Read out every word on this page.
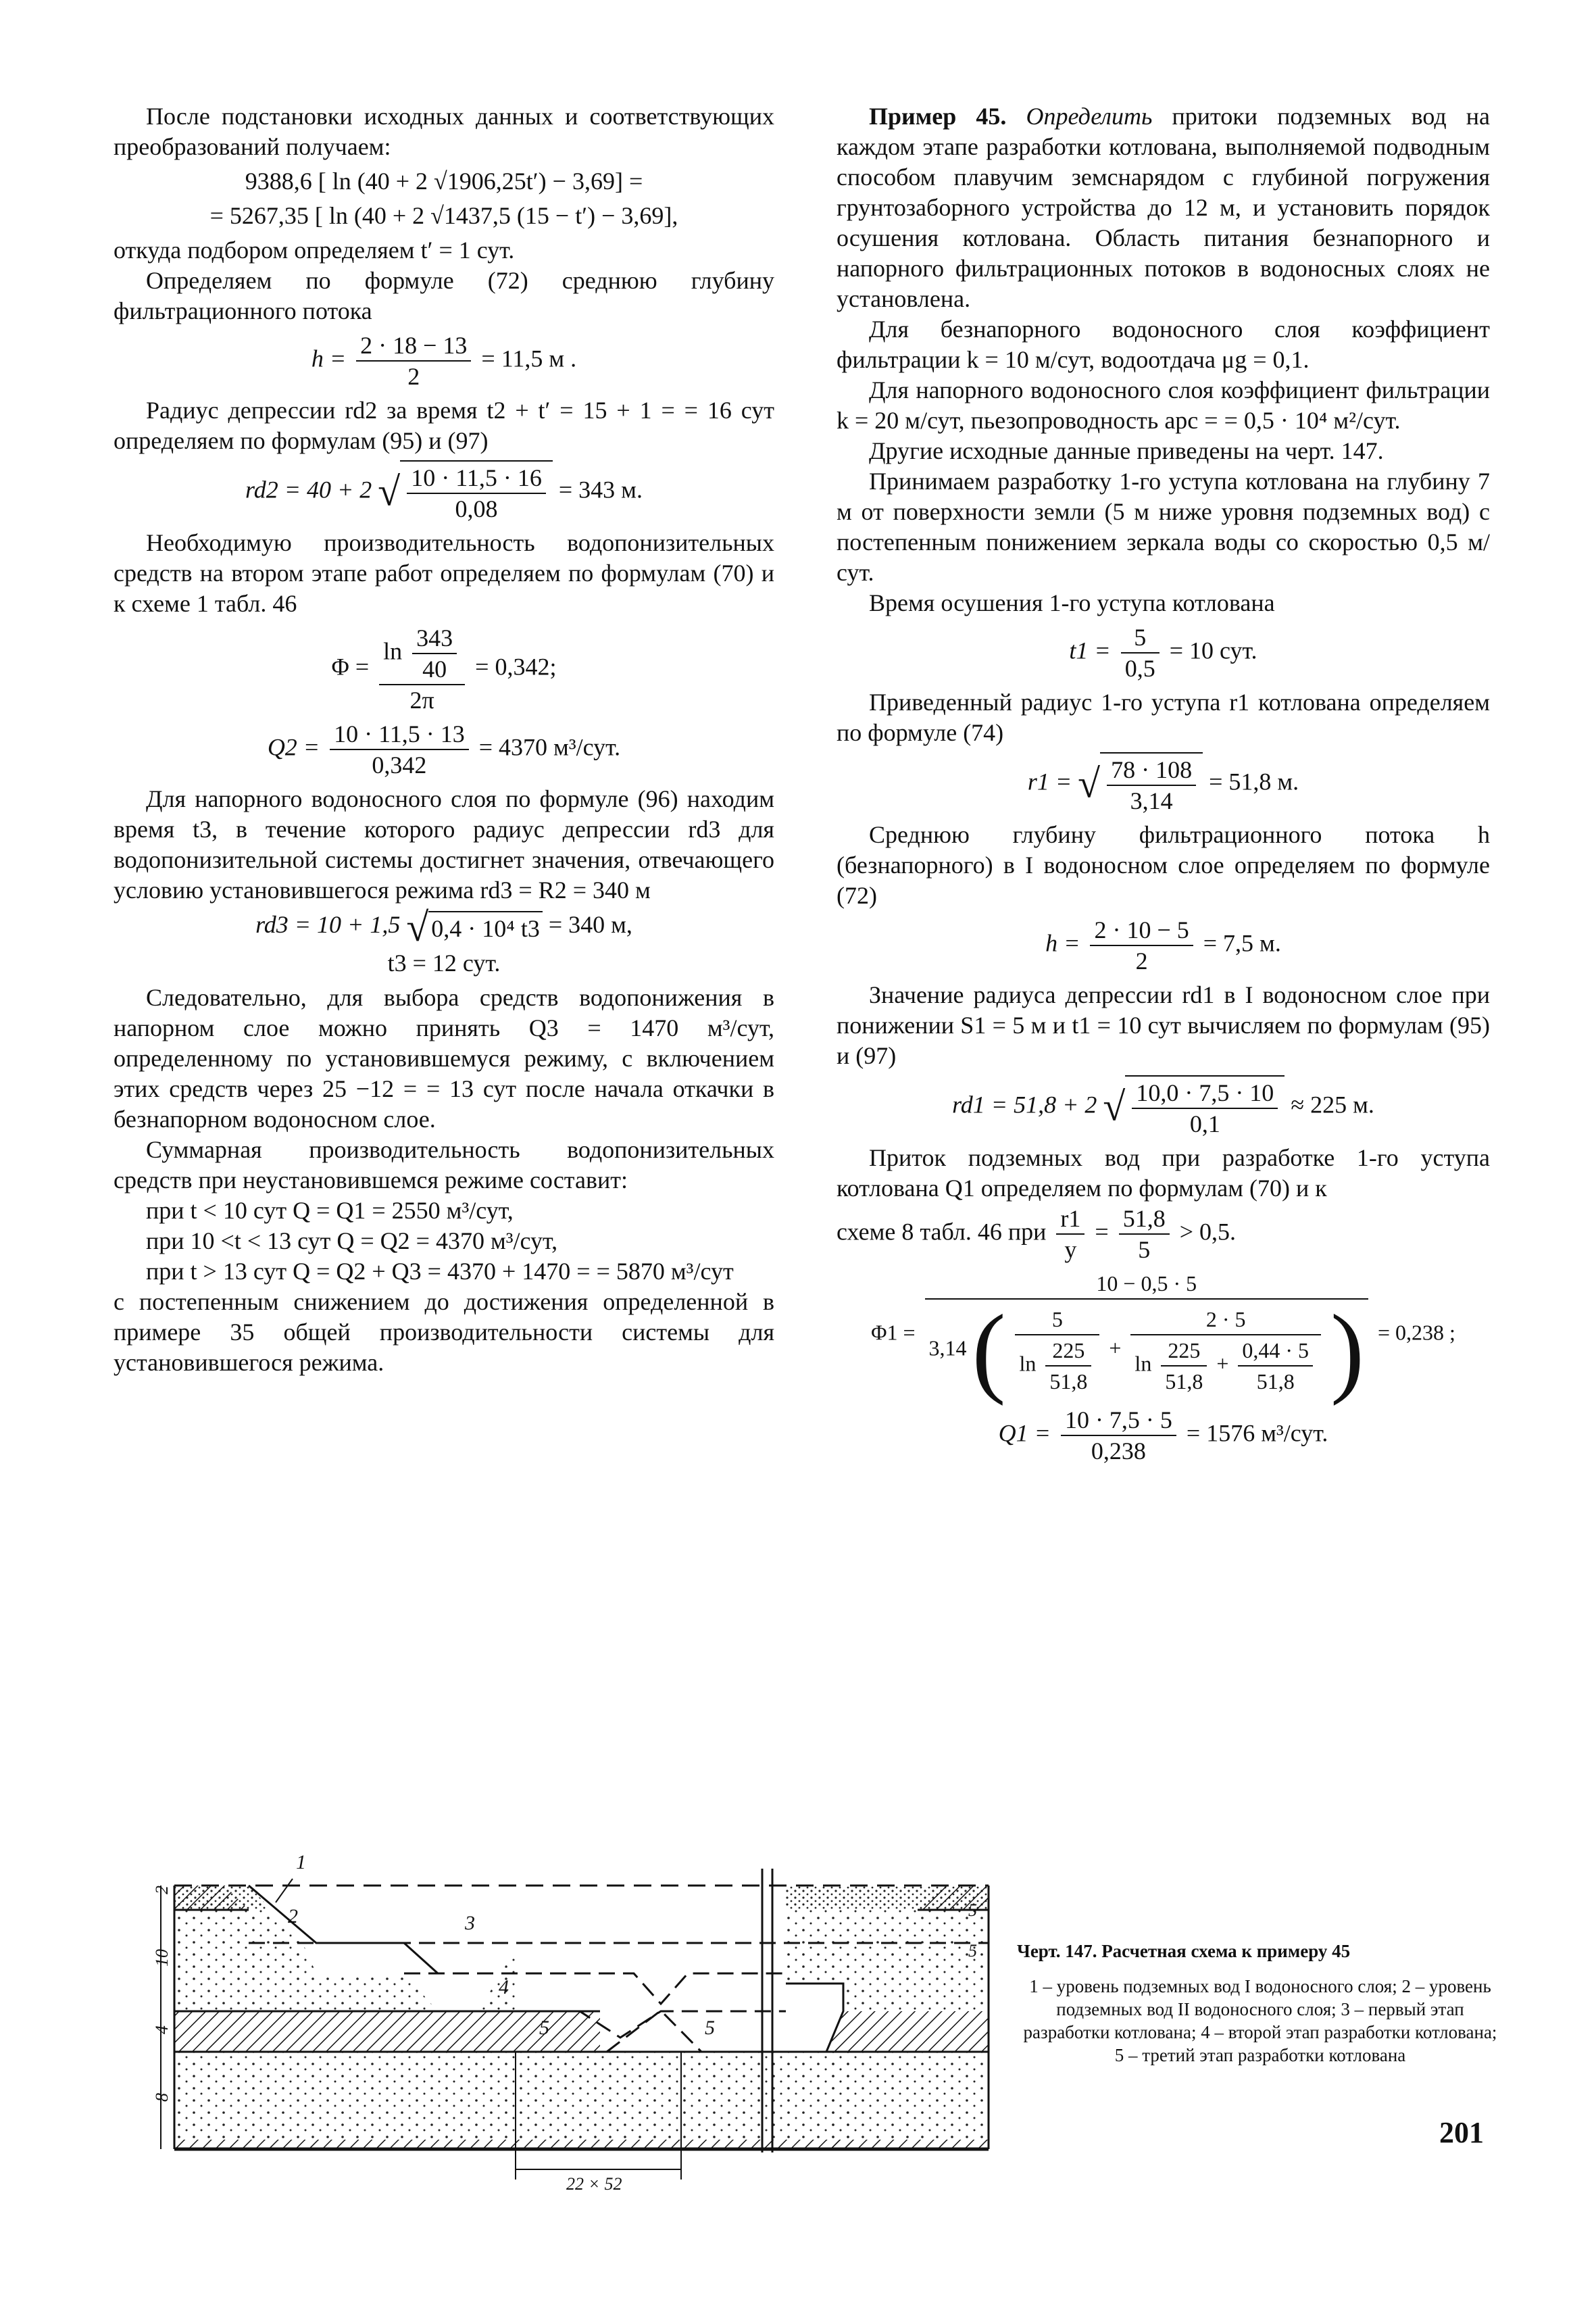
После подстановки исходных данных и соответствующих преобразований получаем:

9388,6 [ ln (40 + 2 √1906,25t′) − 3,69] =
= 5267,35 [ ln (40 + 2 √1437,5 (15 − t′) − 3,69],

откуда подбором определяем t′ = 1 сут.

Определяем по формуле (72) среднюю глубину фильтрационного потока

$h = \frac{2 \cdot 18 - 13}{2} = 11,5$ м .

Радиус депрессии rd2 за время t2 + t′ = 15 + 1 = = 16 сут определяем по формулам (95) и (97)

rd2 = 40 + 2 √ $\frac{10 \cdot 11,5 \cdot 16}{0,08} = 343$ м.

Необходимую производительность водопонизительных средств на втором этапе работ определяем по формулам (70) и к схеме 1 табл. 46

$\Phi = \frac{\ln \frac{343}{40}}{2\pi} = 0,342$;
$Q2 = \frac{10 \cdot 11,5 \cdot 13}{0,342} = 4370$ м³/сут.

Для напорного водоносного слоя по формуле (96) находим время t3, в течение которого радиус депрессии rd3 для водопонизительной системы достигнет значения, отвечающего условию установившегося режима rd3 = R2 = 340 м

rd3 = 10 + 1,5 √ 0,4 · 10⁴ t3 = 340 м,
t3 = 12 сут.

Следовательно, для выбора средств водопонижения в напорном слое можно принять Q3 = 1470 м³/сут, определенному по установившемуся режиму, с включением этих средств через 25 −12 = = 13 сут после начала откачки в безнапорном водоносном слое.

Суммарная производительность водопонизительных средств при неустановившемся режиме составит:

при t < 10 сут Q = Q1 = 2550 м³/сут,

при 10 <t < 13 сут Q = Q2 = 4370 м³/сут,

при t > 13 сут Q = Q2 + Q3 = 4370 + 1470 = = 5870 м³/сут

с постепенным снижением до достижения определенной в примере 35 общей производительности системы для установившегося режима.

Пример 45. Определить притоки подземных вод на каждом этапе разработки котлована, выполняемой подводным способом плавучим земснарядом с глубиной погружения грунтозаборного устройства до 12 м, и установить порядок осушения котлована. Область питания безнапорного и напорного фильтрационных потоков в водоносных слоях не установлена.

Для безнапорного водоносного слоя коэффициент фильтрации k = 10 м/сут, водоотдача μg = 0,1.

Для напорного водоносного слоя коэффициент фильтрации k = 20 м/сут, пьезопроводность apc = = 0,5 · 10⁴ м²/сут.

Другие исходные данные приведены на черт. 147.

Принимаем разработку 1-го уступа котлована на глубину 7 м от поверхности земли (5 м ниже уровня подземных вод) с постепенным понижением зеркала воды со скоростью 0,5 м/сут.

Время осушения 1-го уступа котлована

$t1 = \frac{5}{0,5} = 10$ сут.

Приведенный радиус 1-го уступа r1 котлована определяем по формуле (74)

r1 = √ $\frac{78 \cdot 108}{3,14} = 51,8$ м.

Среднюю глубину фильтрационного потока h (безнапорного) в I водоносном слое определяем по формуле (72)

$h = \frac{2 \cdot 10 - 5}{2} = 7,5$ м.

Значение радиуса депрессии rd1 в I водоносном слое при понижении S1 = 5 м и t1 = 10 сут вычисляем по формулам (95) и (97)

rd1 = 51,8 + 2 √ $\frac{10,0 \cdot 7,5 \cdot 10}{0,1} \approx 225$ м.

Приток подземных вод при разработке 1-го уступа котлована Q1 определяем по формулам (70) и к

схеме 8 табл. 46 при $\frac{r1}{y} = \frac{51,8}{5} > 0,5$.

Φ1 =
10 − 0,5 · 5
3,14 ( $\frac{5}{\ln \frac{225}{51,8}}$ +
2 · 5
$\ln \frac{225}{51,8} + \frac{0,44 \cdot 5}{51,8}$ ) = 0,238 ;
$Q1 = \frac{10 \cdot 7,5 \cdot 5}{0,238} = 1576$ м³/сут.
1
2	3
4
5	5
2
10
4
8
5
5
22 × 52
Черт. 147. Расчетная схема к примеру 45
1 – уровень подземных вод I водоносного слоя; 2 – уровень подземных вод II водоносного слоя; 3 – первый этап разработки котлована; 4 – второй этап разработки котлована; 5 – третий этап разработки котлована
201
